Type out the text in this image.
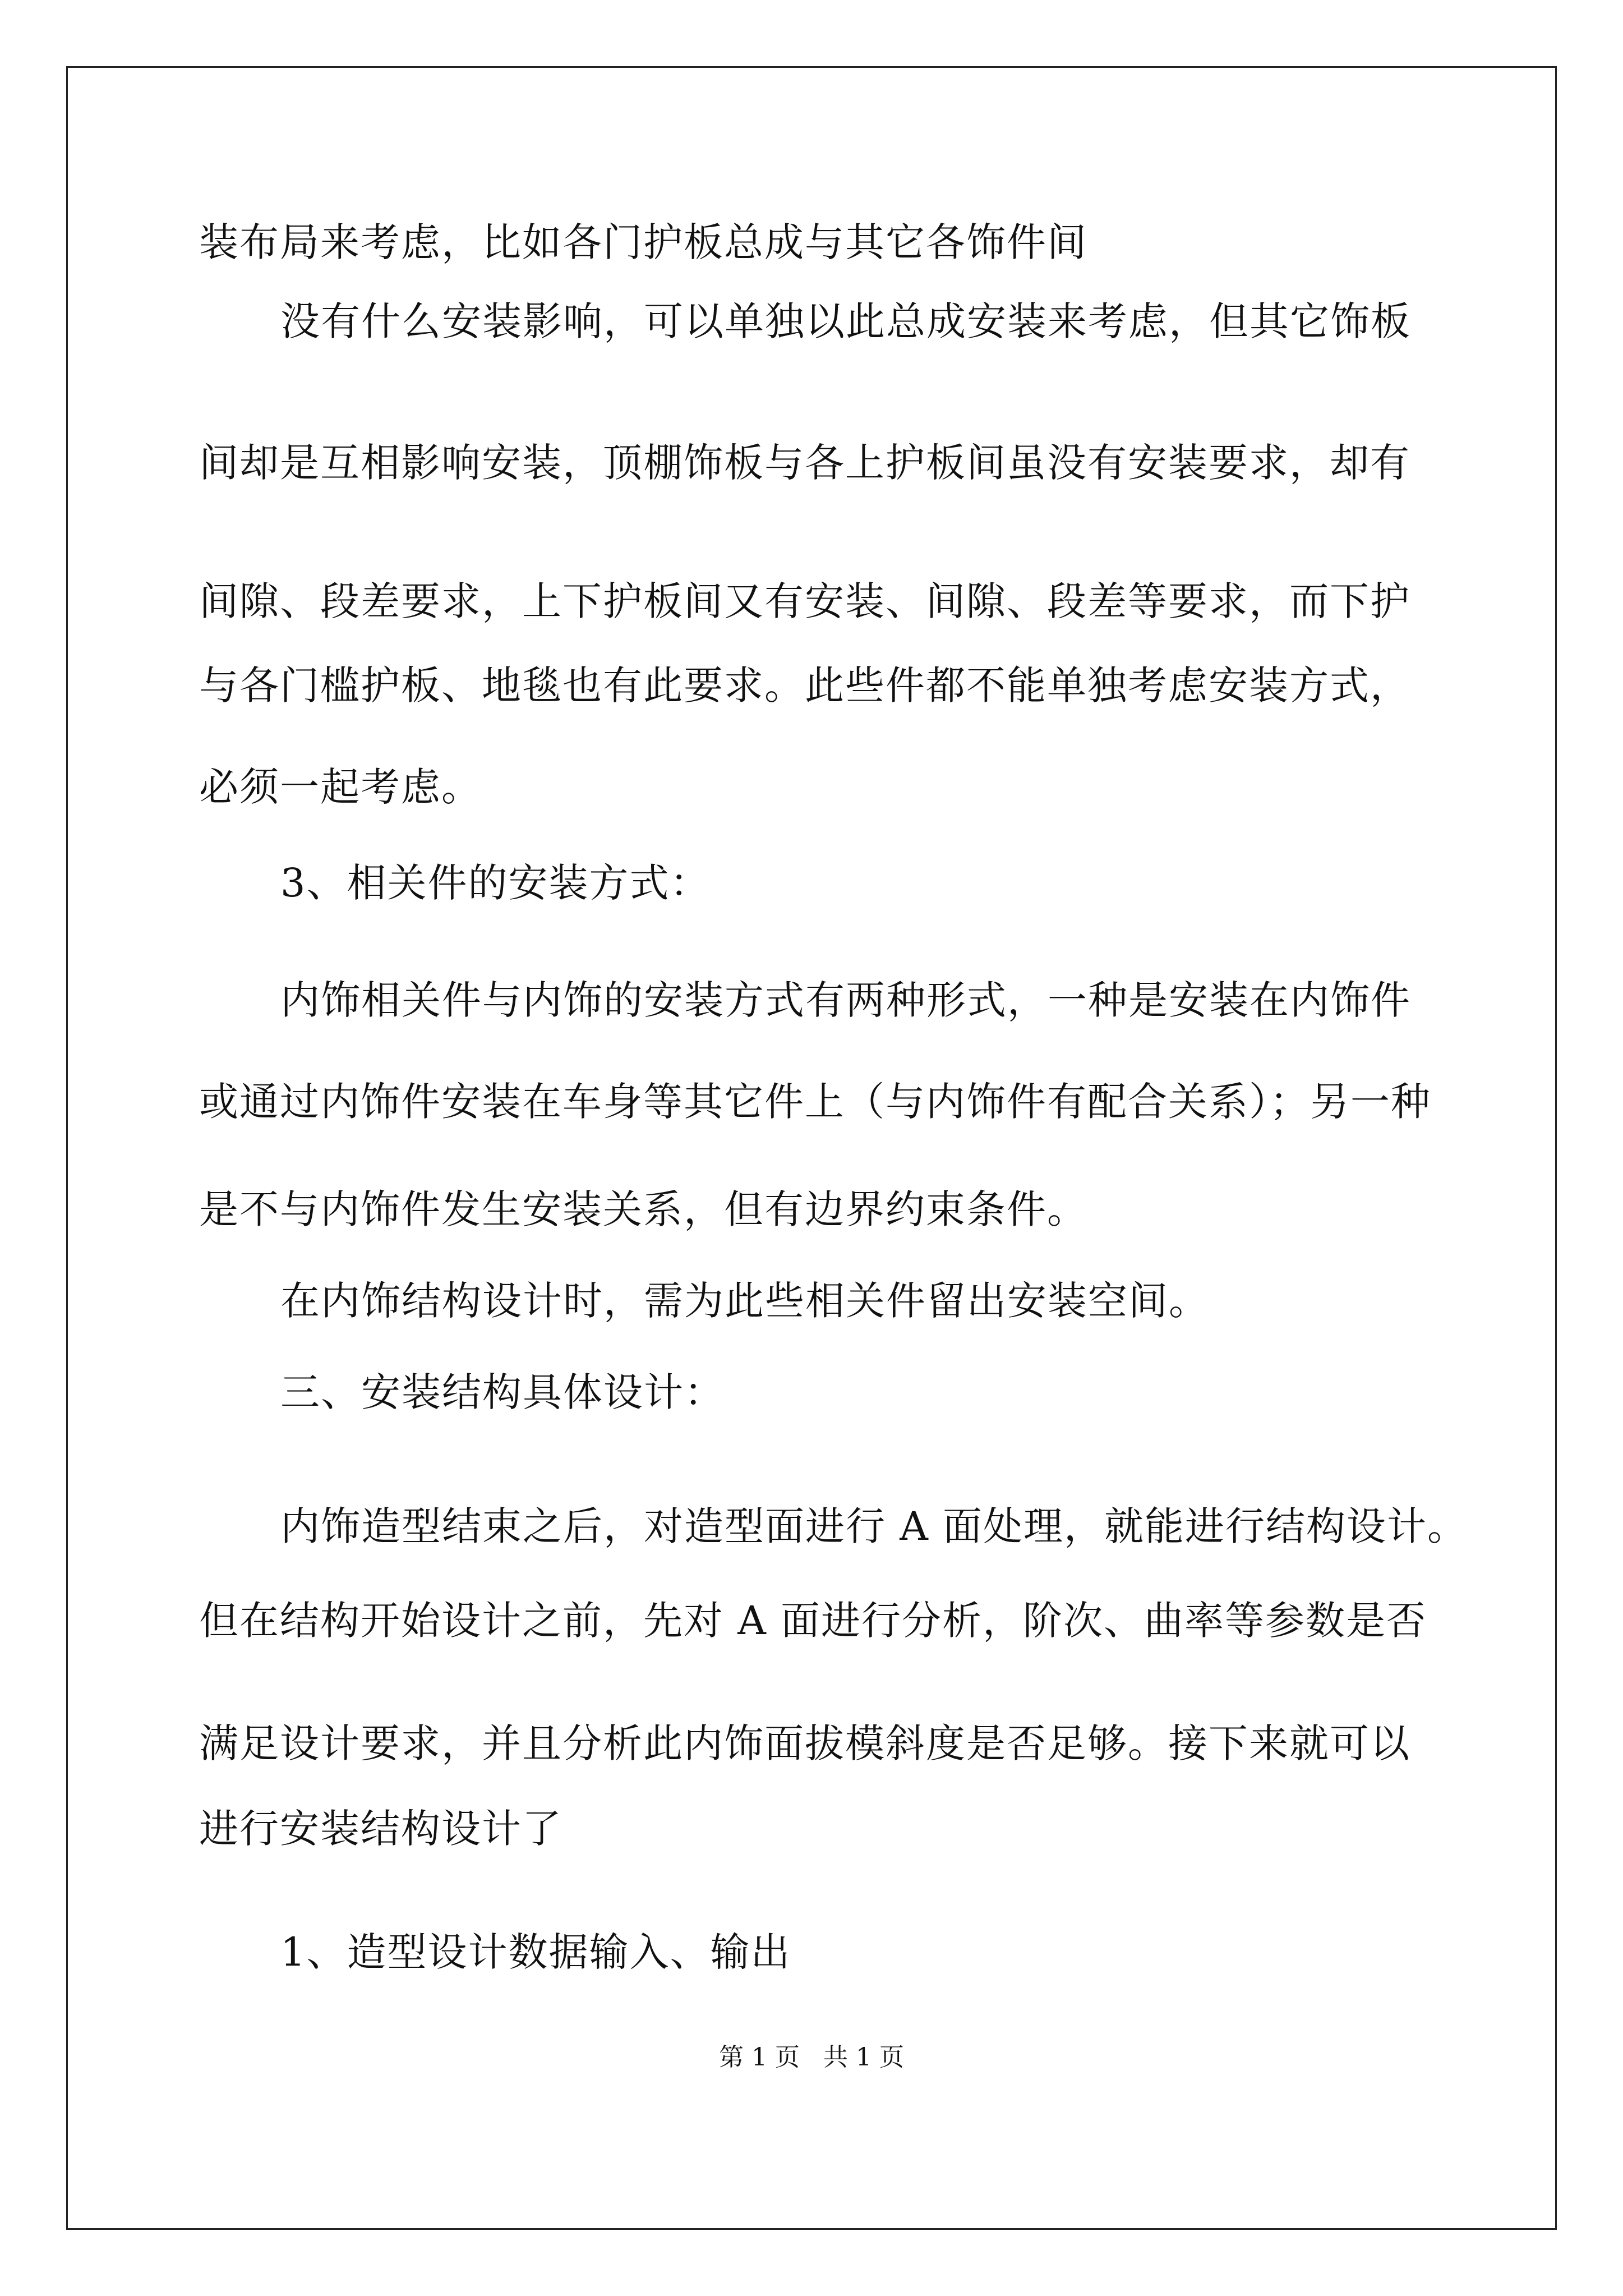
装布局来考虑，比如各门护板总成与其它各饰件间
没有什么安装影响，可以单独以此总成安装来考虑，但其它饰板
间却是互相影响安装，顶棚饰板与各上护板间虽没有安装要求，却有
间隙、段差要求，上下护板间又有安装、间隙、段差等要求，而下护
与各门槛护板、地毯也有此要求。此些件都不能单独考虑安装方式，
必须一起考虑。
3、相关件的安装方式：
内饰相关件与内饰的安装方式有两种形式，一种是安装在内饰件
或通过内饰件安装在车身等其它件上（与内饰件有配合关系）；另一种
是不与内饰件发生安装关系，但有边界约束条件。
在内饰结构设计时，需为此些相关件留出安装空间。
三、安装结构具体设计：
内饰造型结束之后，对造型面进行 A 面处理，就能进行结构设计。
但在结构开始设计之前，先对 A 面进行分析，阶次、曲率等参数是否
满足设计要求，并且分析此内饰面拔模斜度是否足够。接下来就可以
进行安装结构设计了
1、造型设计数据输入、输出
第 1 页   共 1 页
